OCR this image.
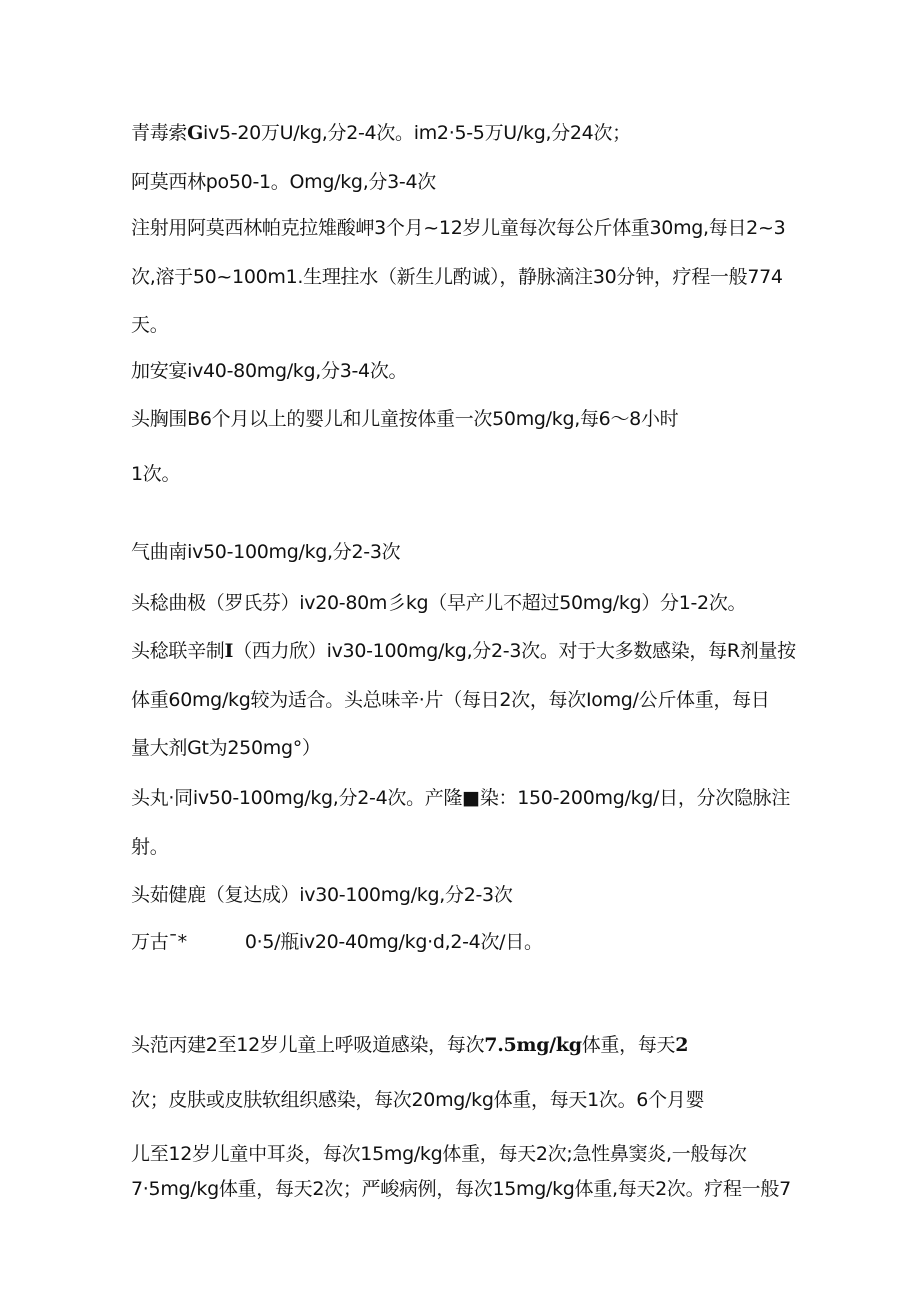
青毒索Giv5-20万U/kg,分2-4次。im2·5-5万U/kg,分24次；
阿莫西林po50-1。Omg/kg,分3-4次
注射用阿莫西林帕克拉雉酸岬3个月~12岁儿童每次每公斤体重30mg,每日2~3
次,溶于50~100m1.生理拄水（新生儿酌诚），静脉滴注30分钟，疗程一般774
天。
加安宴iv40-80mg/kg,分3-4次。
头胸围B6个月以上的婴儿和儿童按体重一次50mg/kg,每6～8小时
1次。
气曲南iv50-100mg/kg,分2-3次
头稔曲极（罗氏芬）iv20-80m彡kg（早产儿不超过50mg/kg）分1-2次。
头稔联辛制I（西力欣）iv30-100mg/kg,分2-3次。对于大多数感染，每R剂量按
体重60mg/kg较为适合。头总味辛·片（每日2次，每次Iomg/公斤体重，每日
量大剂Gt为250mg°）
头丸·同iv50-100mg/kg,分2-4次。产隆■染：150-200mg/kg/日，分次隐脉注
射。
头茹健鹿（复达成）iv30-100mg/kg,分2-3次
万古¯*	0·5/瓶iv20-40mg/kg·d,2-4次/日。
头范丙建2至12岁儿童上呼吸道感染，每次7.5mg/kg体重，每天2
次；皮肤或皮肤软组织感染，每次20mg/kg体重，每天1次。6个月婴
儿至12岁儿童中耳炎，每次15mg/kg体重，每天2次;急性鼻窦炎,一般每次
7·5mg/kg体重，每天2次；严峻病例，每次15mg/kg体重,每天2次。疗程一般7
